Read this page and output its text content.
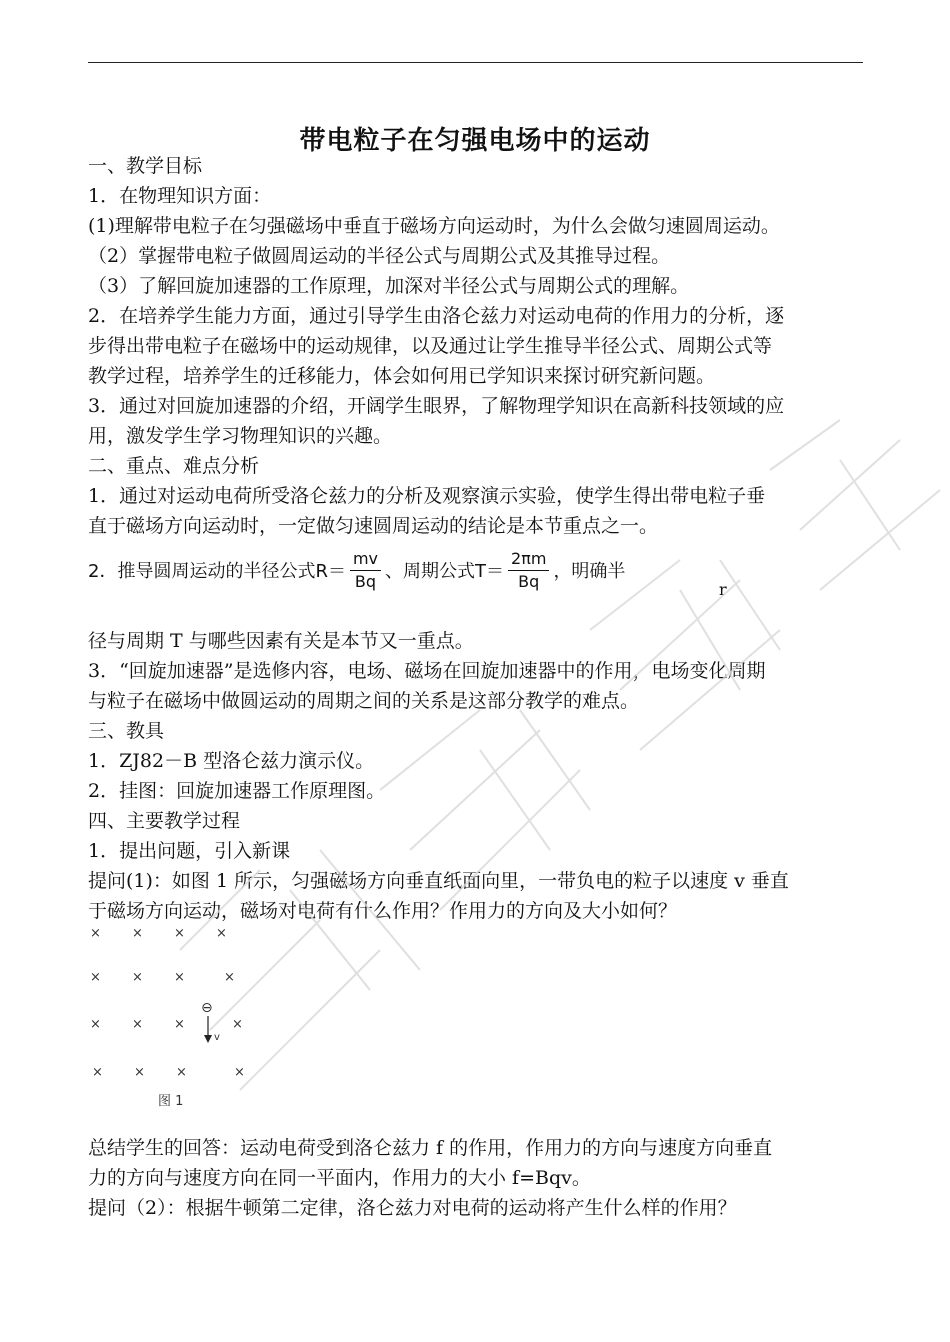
带电粒子在匀强电场中的运动
一、教学目标
1．在物理知识方面：
(1)理解带电粒子在匀强磁场中垂直于磁场方向运动时，为什么会做匀速圆周运动。
（2）掌握带电粒子做圆周运动的半径公式与周期公式及其推导过程。
（3）了解回旋加速器的工作原理，加深对半径公式与周期公式的理解。
2．在培养学生能力方面，通过引导学生由洛仑兹力对运动电荷的作用力的分析，逐
步得出带电粒子在磁场中的运动规律，以及通过让学生推导半径公式、周期公式等
教学过程，培养学生的迁移能力，体会如何用已学知识来探讨研究新问题。
3．通过对回旋加速器的介绍，开阔学生眼界，了解物理学知识在高新科技领域的应
用，激发学生学习物理知识的兴趣。
二、重点、难点分析
1．通过对运动电荷所受洛仑兹力的分析及观察演示实验，使学生得出带电粒子垂
直于磁场方向运动时，一定做匀速圆周运动的结论是本节重点之一。
2．推导圆周运动的半径公式$R= \frac{mv}{Bq}$ 、周期公式$T= \frac{2\pi m}{Bq}$ ，明确半
r
径与周期 T 与哪些因素有关是本节又一重点。
3．“回旋加速器”是选修内容，电场、磁场在回旋加速器中的作用，电场变化周期
与粒子在磁场中做圆运动的周期之间的关系是这部分教学的难点。
三、教具
1．ZJ82－B 型洛仑兹力演示仪。
2．挂图：回旋加速器工作原理图。
四、主要教学过程
1．提出问题，引入新课
提问(1)：如图 1 所示，匀强磁场方向垂直纸面向里，一带负电的粒子以速度 v 垂直
于磁场方向运动，磁场对电荷有什么作用？作用力的方向及大小如何？
× × × ×
× × ×	×
× × ×	×
× × ×	×
⊖
v
图 1
总结学生的回答：运动电荷受到洛仑兹力 f 的作用，作用力的方向与速度方向垂直
力的方向与速度方向在同一平面内，作用力的大小 f=Bqv。
提问（2）：根据牛顿第二定律，洛仑兹力对电荷的运动将产生什么样的作用？
